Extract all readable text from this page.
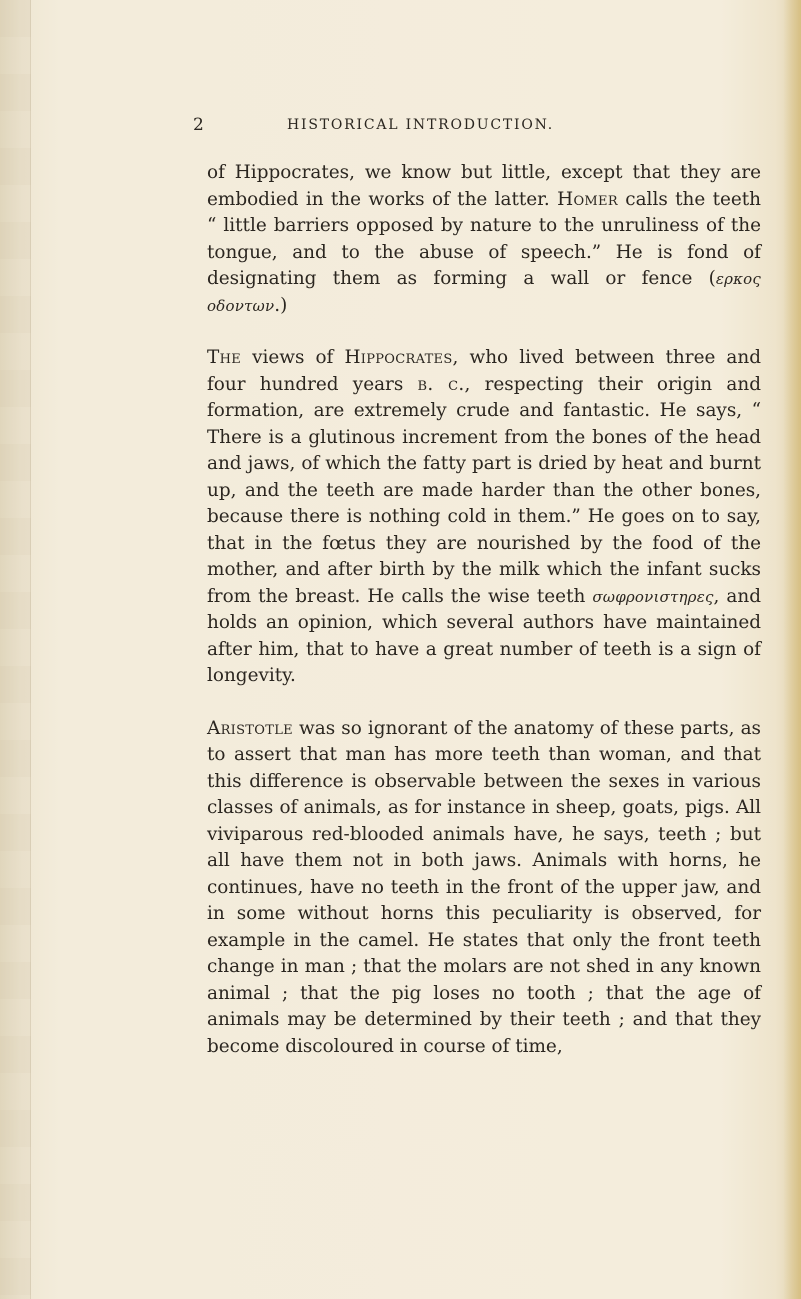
2	HISTORICAL INTRODUCTION.

of Hippocrates, we know but little, except that they are embodied in the works of the latter. Homer calls the teeth “ little barriers opposed by nature to the unruliness of the tongue, and to the abuse of speech.” He is fond of designating them as forming a wall or fence (ερκος οδοντων.)

The views of Hippocrates, who lived between three and four hundred years b. c., respecting their origin and formation, are extremely crude and fantastic. He says, “ There is a glutinous increment from the bones of the head and jaws, of which the fatty part is dried by heat and burnt up, and the teeth are made harder than the other bones, because there is nothing cold in them.” He goes on to say, that in the fœtus they are nourished by the food of the mother, and after birth by the milk which the infant sucks from the breast. He calls the wise teeth σωφρονιστηρες, and holds an opinion, which several authors have maintained after him, that to have a great number of teeth is a sign of longevity.

Aristotle was so ignorant of the anatomy of these parts, as to assert that man has more teeth than woman, and that this difference is observable between the sexes in various classes of animals, as for instance in sheep, goats, pigs. All viviparous red-blooded animals have, he says, teeth ; but all have them not in both jaws. Animals with horns, he continues, have no teeth in the front of the upper jaw, and in some without horns this peculiarity is observed, for example in the camel. He states that only the front teeth change in man ; that the molars are not shed in any known animal ; that the pig loses no tooth ; that the age of animals may be determined by their teeth ; and that they become discoloured in course of time,
